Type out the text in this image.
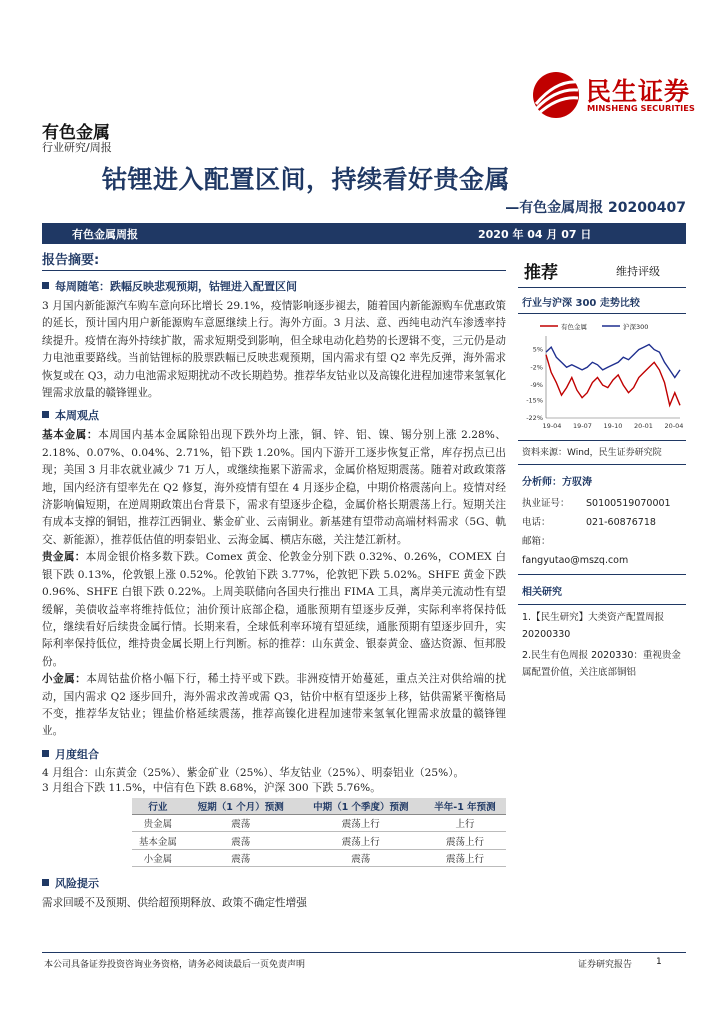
民生证券
MINSHENG SECURITIES
有色金属
行业研究/周报
钴锂进入配置区间，持续看好贵金属
—有色金属周报 20200407
有色金属周报	2020 年 04 月 07 日
报告摘要:
每周随笔：跌幅反映悲观预期，钴锂进入配置区间

3 月国内新能源汽车购车意向环比增长 29.1%，疫情影响逐步褪去，随着国内新能源购车优惠政策的延长，预计国内用户新能源购车意愿继续上行。海外方面。3 月法、意、西纯电动汽车渗透率持续提升。疫情在海外持续扩散，需求短期受到影响，但全球电动化趋势的长逻辑不变，三元仍是动力电池重要路线。当前钴锂标的股票跌幅已反映悲观预期，国内需求有望 Q2 率先反弹，海外需求恢复或在 Q3，动力电池需求短期扰动不改长期趋势。推荐华友钴业以及高镍化进程加速带来氢氧化锂需求放量的赣锋锂业。

本周观点

基本金属：本周国内基本金属除铅出现下跌外均上涨，铜、锌、铝、镍、锡分别上涨 2.28%、2.18%、0.07%、0.04%、2.71%，铅下跌 1.20%。国内下游开工逐步恢复正常，库存拐点已出现；美国 3 月非农就业减少 71 万人，或继续拖累下游需求，金属价格短期震荡。随着对政政策落地，国内经济有望率先在 Q2 修复，海外疫情有望在 4 月逐步企稳，中期价格震荡向上。疫情对经济影响偏短期，在逆周期政策出台背景下，需求有望逐步企稳，金属价格长期震荡上行。短期关注有成本支撑的铜铝，推荐江西铜业、紫金矿业、云南铜业。新基建有望带动高端材料需求（5G、軌交、新能源），推荐低估值的明泰铝业、云海金属、横店东磁，关注楚江新材。

贵金属：本周金银价格多数下跌。Comex 黄金、伦敦金分别下跌 0.32%、0.26%，COMEX 白银下跌 0.13%，伦敦银上涨 0.52%。伦敦铂下跌 3.77%，伦敦钯下跌 5.02%。SHFE 黄金下跌 0.96%、SHFE 白银下跌 0.22%。上周美联储向各国央行推出 FIMA 工具，离岸美元流动性有望缓解，美债收益率将维持低位；油价预计底部企稳，通胀预期有望逐步反弹，实际利率将保持低位，继续看好后续贵金属行情。长期来看，全球低利率环境有望延续，通胀预期有望逐步回升，实际利率保持低位，维持贵金属长期上行判断。标的推荐：山东黄金、银泰黄金、盛达资源、恒邦股份。

小金属：本周钴盐价格小幅下行，稀土持平或下跌。非洲疫情开始蔓延，重点关注对供给端的扰动，国内需求 Q2 逐步回升，海外需求改善或需 Q3，钴价中枢有望逐步上移，钴供需紧平衡格局不变，推荐华友钴业；锂盐价格延续震荡，推荐高镍化进程加速带来氢氧化锂需求放量的赣锋锂业。

月度组合

4 月组合：山东黄金（25%）、紫金矿业（25%）、华友钴业（25%）、明泰铝业（25%）。

3 月组合下跌 11.5%，中信有色下跌 8.68%，沪深 300 下跌 5.76%。

行业	短期（1 个月）预测	中期（1 个季度）预测	半年-1 年预测
贵金属	震荡	震荡上行	上行
基本金属	震荡	震荡上行	震荡上行
小金属	震荡	震荡	震荡上行
风险提示

需求回暖不及预期、供给超预期释放、政策不确定性增强

推荐	维持评级
行业与沪深 300 走势比较
有色金属	沪深300
5%
-2%
-9%
-15%
-22%
19-04 19-07 19-10 20-01 20-04
资料来源：Wind，民生证券研究院
分析师：方驭涛
执业证号： S0100519070001
电话：	021-60876718
邮箱：fangyutao@mszq.com
相关研究

1.【民生研究】大类资产配置周报 20200330

2.民生有色周报 2020330：重视贵金属配置价值，关注底部铜铝

本公司具备证券投资咨询业务资格，请务必阅读最后一页免责声明	证券研究报告	1
